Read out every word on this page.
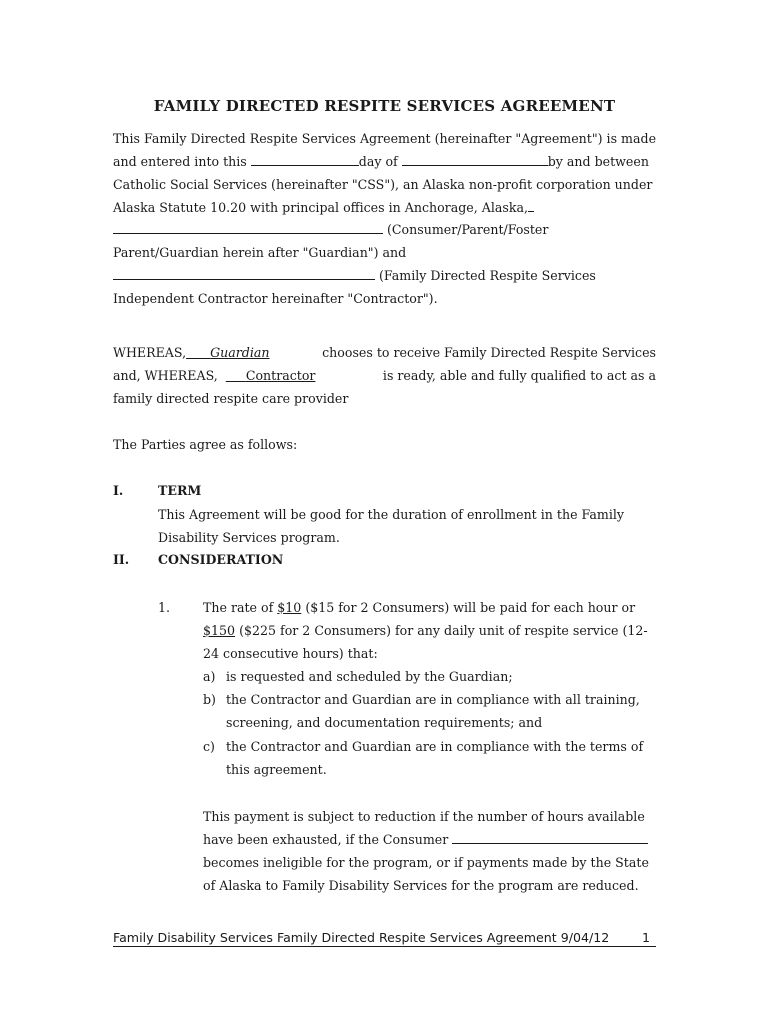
FAMILY DIRECTED RESPITE SERVICES AGREEMENT
This Family Directed Respite Services Agreement (hereinafter "Agreement") is made
and entered into this	day of	by and between
Catholic Social Services (hereinafter "CSS"), an Alaska non-profit corporation under
Alaska Statute 10.20 with principal offices in Anchorage, Alaska,
(Consumer/Parent/Foster
Parent/Guardian herein after "Guardian") and
(Family Directed Respite Services
Independent Contractor hereinafter "Contractor").
WHEREAS, Guardian	chooses to receive Family Directed Respite Services
and, WHEREAS, Contractor	is ready, able and fully qualified to act as a
family directed respite care provider
The Parties agree as follows:
I.	TERM
This Agreement will be good for the duration of enrollment in the Family
Disability Services program.
II. CONSIDERATION
1.	The rate of $10 ($15 for 2 Consumers) will be paid for each hour or
$150 ($225 for 2 Consumers) for any daily unit of respite service (12-
24 consecutive hours) that:
a) is requested and scheduled by the Guardian;
b) the Contractor and Guardian are in compliance with all training,
screening, and documentation requirements; and
c) the Contractor and Guardian are in compliance with the terms of
this agreement.
This payment is subject to reduction if the number of hours available
have been exhausted, if the Consumer
becomes ineligible for the program, or if payments made by the State
of Alaska to Family Disability Services for the program are reduced.
Family Disability Services Family Directed Respite Services Agreement 9/04/12	1
